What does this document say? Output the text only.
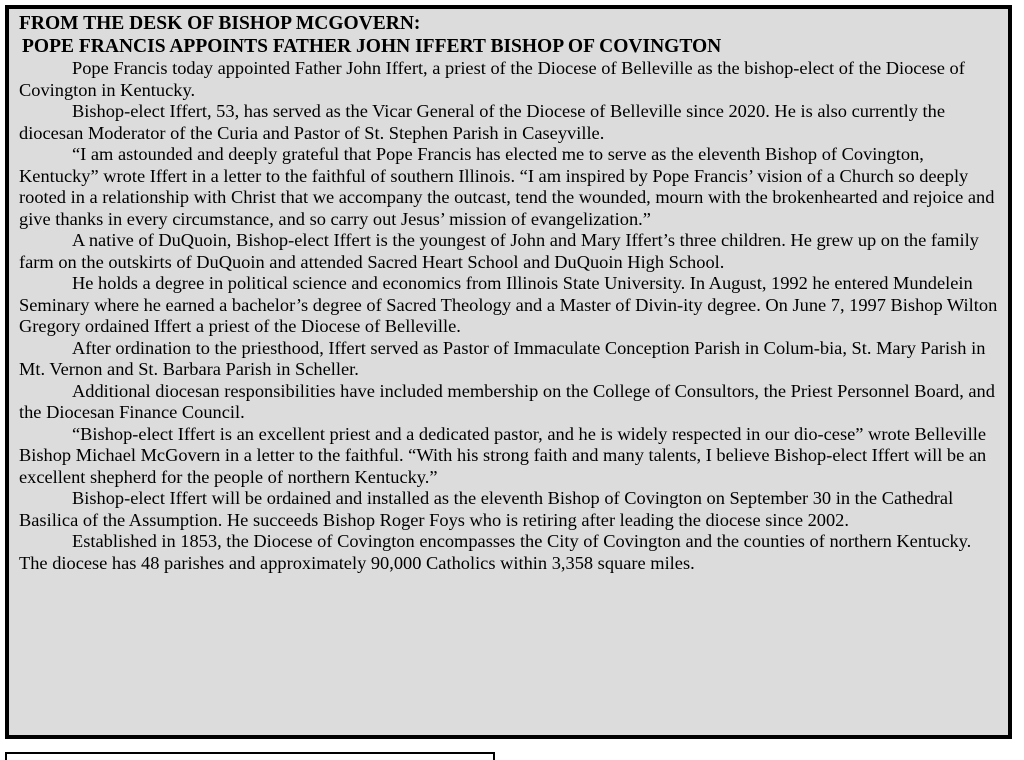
FROM THE DESK OF BISHOP MCGOVERN:
POPE FRANCIS APPOINTS FATHER JOHN IFFERT BISHOP OF COVINGTON

Pope Francis today appointed Father John Iffert, a priest of the Diocese of Belleville as the bishop-elect of the Diocese of Covington in Kentucky.

Bishop-elect Iffert, 53, has served as the Vicar General of the Diocese of Belleville since 2020. He is also currently the diocesan Moderator of the Curia and Pastor of St. Stephen Parish in Caseyville.

“I am astounded and deeply grateful that Pope Francis has elected me to serve as the eleventh Bishop of Covington, Kentucky” wrote Iffert in a letter to the faithful of southern Illinois. “I am inspired by Pope Francis’ vision of a Church so deeply rooted in a relationship with Christ that we accompany the outcast, tend the wounded, mourn with the brokenhearted and rejoice and give thanks in every circumstance, and so carry out Jesus’ mission of evangelization.”

A native of DuQuoin, Bishop-elect Iffert is the youngest of John and Mary Iffert’s three children. He grew up on the family farm on the outskirts of DuQuoin and attended Sacred Heart School and DuQuoin High School.

He holds a degree in political science and economics from Illinois State University. In August, 1992 he entered Mundelein Seminary where he earned a bachelor’s degree of Sacred Theology and a Master of Divin-ity degree. On June 7, 1997 Bishop Wilton Gregory ordained Iffert a priest of the Diocese of Belleville.

After ordination to the priesthood, Iffert served as Pastor of Immaculate Conception Parish in Colum-bia, St. Mary Parish in Mt. Vernon and St. Barbara Parish in Scheller.

Additional diocesan responsibilities have included membership on the College of Consultors, the Priest Personnel Board, and the Diocesan Finance Council.

“Bishop-elect Iffert is an excellent priest and a dedicated pastor, and he is widely respected in our dio-cese” wrote Belleville Bishop Michael McGovern in a letter to the faithful. “With his strong faith and many talents, I believe Bishop-elect Iffert will be an excellent shepherd for the people of northern Kentucky.”

Bishop-elect Iffert will be ordained and installed as the eleventh Bishop of Covington on September 30 in the Cathedral Basilica of the Assumption. He succeeds Bishop Roger Foys who is retiring after leading the diocese since 2002.

Established in 1853, the Diocese of Covington encompasses the City of Covington and the counties of northern Kentucky. The diocese has 48 parishes and approximately 90,000 Catholics within 3,358 square miles.
